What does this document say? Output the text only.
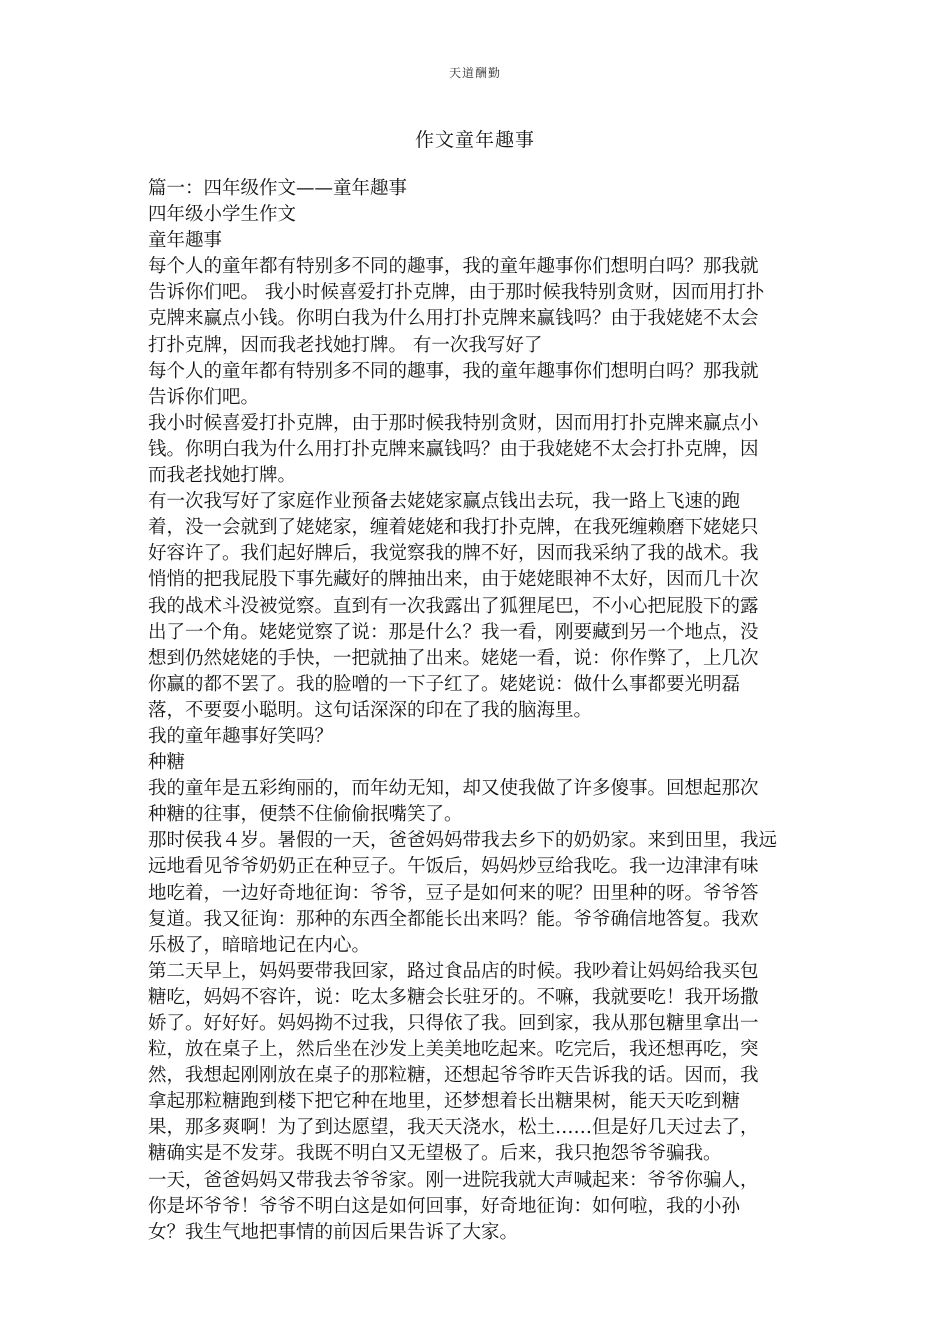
天道酬勤
作文童年趣事
篇一：四年级作文——童年趣事
四年级小学生作文
童年趣事
每个人的童年都有特别多不同的趣事，我的童年趣事你们想明白吗？那我就
告诉你们吧。 我小时候喜爱打扑克牌，由于那时候我特别贪财，因而用打扑
克牌来赢点小钱。你明白我为什么用打扑克牌来赢钱吗？由于我姥姥不太会
打扑克牌，因而我老找她打牌。 有一次我写好了
每个人的童年都有特别多不同的趣事，我的童年趣事你们想明白吗？那我就
告诉你们吧。
我小时候喜爱打扑克牌，由于那时候我特别贪财，因而用打扑克牌来赢点小
钱。你明白我为什么用打扑克牌来赢钱吗？由于我姥姥不太会打扑克牌，因
而我老找她打牌。
有一次我写好了家庭作业预备去姥姥家赢点钱出去玩，我一路上飞速的跑
着，没一会就到了姥姥家，缠着姥姥和我打扑克牌，在我死缠赖磨下姥姥只
好容许了。我们起好牌后，我觉察我的牌不好，因而我采纳了我的战术。我
悄悄的把我屁股下事先藏好的牌抽出来，由于姥姥眼神不太好，因而几十次
我的战术斗没被觉察。直到有一次我露出了狐狸尾巴，不小心把屁股下的露
出了一个角。姥姥觉察了说：那是什么？我一看，刚要藏到另一个地点，没
想到仍然姥姥的手快，一把就抽了出来。姥姥一看，说：你作弊了，上几次
你赢的都不罢了。我的脸噌的一下子红了。姥姥说：做什么事都要光明磊
落，不要耍小聪明。这句话深深的印在了我的脑海里。
我的童年趣事好笑吗？
种糖
我的童年是五彩绚丽的，而年幼无知，却又使我做了许多傻事。回想起那次
种糖的往事，便禁不住偷偷抿嘴笑了。
那时侯我４岁。暑假的一天，爸爸妈妈带我去乡下的奶奶家。来到田里，我远
远地看见爷爷奶奶正在种豆子。午饭后，妈妈炒豆给我吃。我一边津津有味
地吃着，一边好奇地征询：爷爷，豆子是如何来的呢？田里种的呀。爷爷答
复道。我又征询：那种的东西全都能长出来吗？能。爷爷确信地答复。我欢
乐极了，暗暗地记在内心。
第二天早上，妈妈要带我回家，路过食品店的时候。我吵着让妈妈给我买包
糖吃，妈妈不容许，说：吃太多糖会长驻牙的。不嘛，我就要吃！我开场撒
娇了。好好好。妈妈拗不过我，只得依了我。回到家，我从那包糖里拿出一
粒，放在桌子上，然后坐在沙发上美美地吃起来。吃完后，我还想再吃，突
然，我想起刚刚放在桌子的那粒糖，还想起爷爷昨天告诉我的话。因而，我
拿起那粒糖跑到楼下把它种在地里，还梦想着长出糖果树，能天天吃到糖
果，那多爽啊！为了到达愿望，我天天浇水，松土……但是好几天过去了，
糖确实是不发芽。我既不明白又无望极了。后来，我只抱怨爷爷骗我。
一天，爸爸妈妈又带我去爷爷家。刚一进院我就大声喊起来：爷爷你骗人，
你是坏爷爷！爷爷不明白这是如何回事，好奇地征询：如何啦，我的小孙
女？我生气地把事情的前因后果告诉了大家。
